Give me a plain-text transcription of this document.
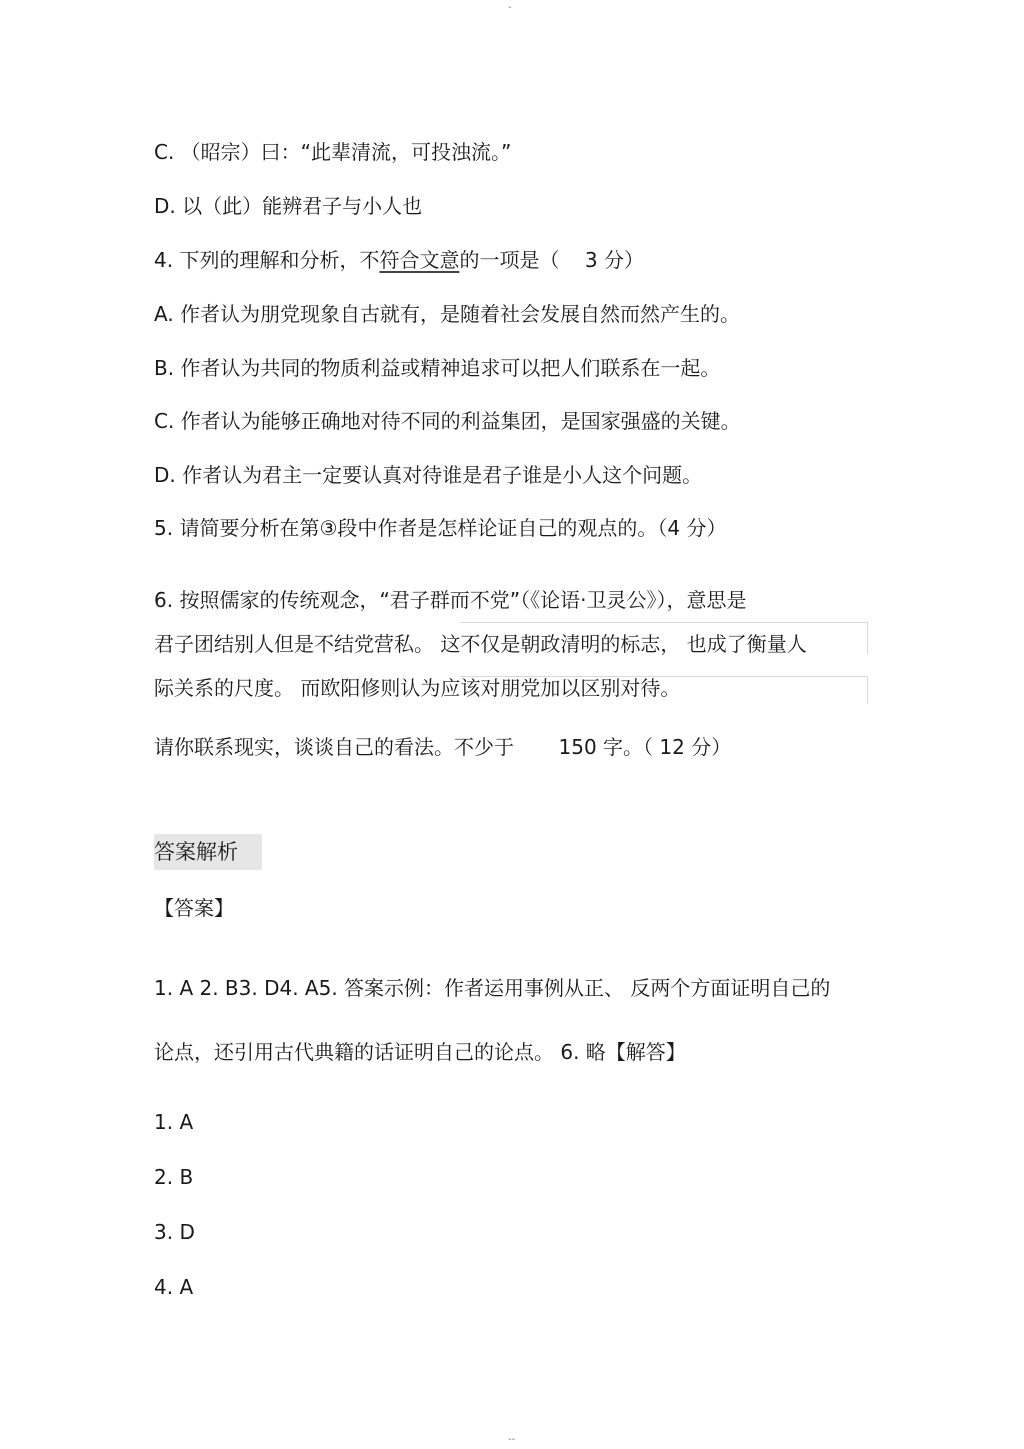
-
C. （昭宗）曰：“此辈清流，可投浊流。”
D. 以（此）能辨君子与小人也
4. 下列的理解和分析，不符合文意的一项是（    3 分）
A. 作者认为朋党现象自古就有，是随着社会发展自然而然产生的。
B. 作者认为共同的物质利益或精神追求可以把人们联系在一起。
C. 作者认为能够正确地对待不同的利益集团，是国家强盛的关键。
D. 作者认为君主一定要认真对待谁是君子谁是小人这个问题。
5. 请简要分析在第③段中作者是怎样论证自己的观点的。（4 分）
6. 按照儒家的传统观念，“君子群而不党”（《论语·卫灵公》），意思是
君子团结别人但是不结党营私。 这不仅是朝政清明的标志， 也成了衡量人
际关系的尺度。 而欧阳修则认为应该对朋党加以区别对待。
请你联系现实，谈谈自己的看法。不少于       150 字。（ 12 分）
答案解析
【答案】
1. A 2. B3. D4. A5. 答案示例：作者运用事例从正、 反两个方面证明自己的
论点，还引用古代典籍的话证明自己的论点。 6. 略【解答】
1. A
2. B
3. D
4. A
--
